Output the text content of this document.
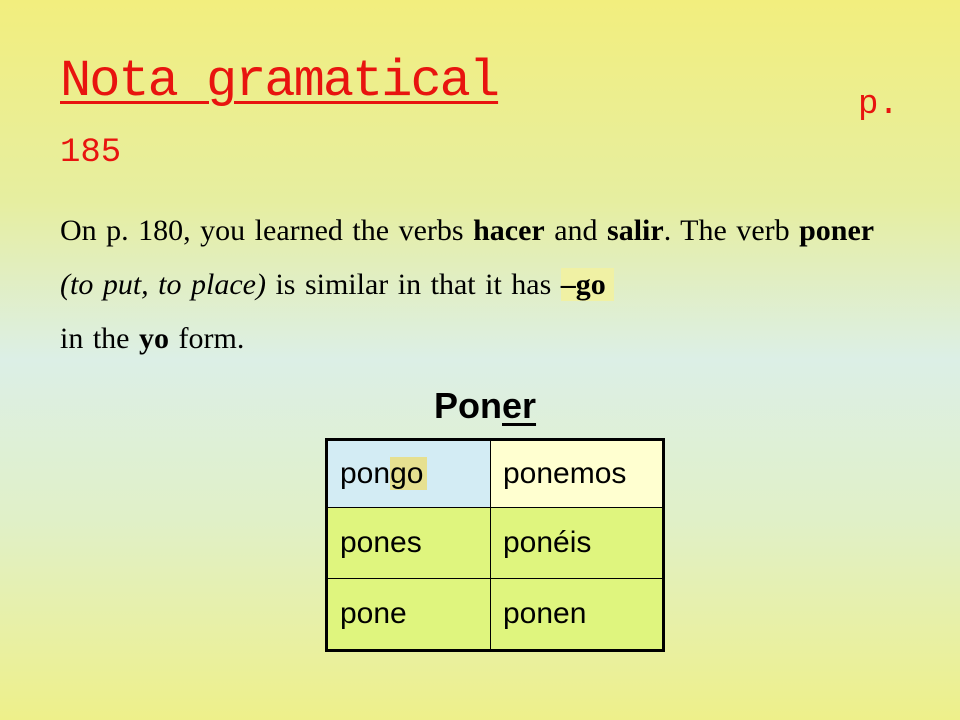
Nota gramatical	p.
185

On p. 180, you learned the verbs hacer and salir. The verb poner (to put, to place) is similar in that it has –go
in the yo form.

Poner
pongo	ponemos
pones	ponéis
pone	ponen
